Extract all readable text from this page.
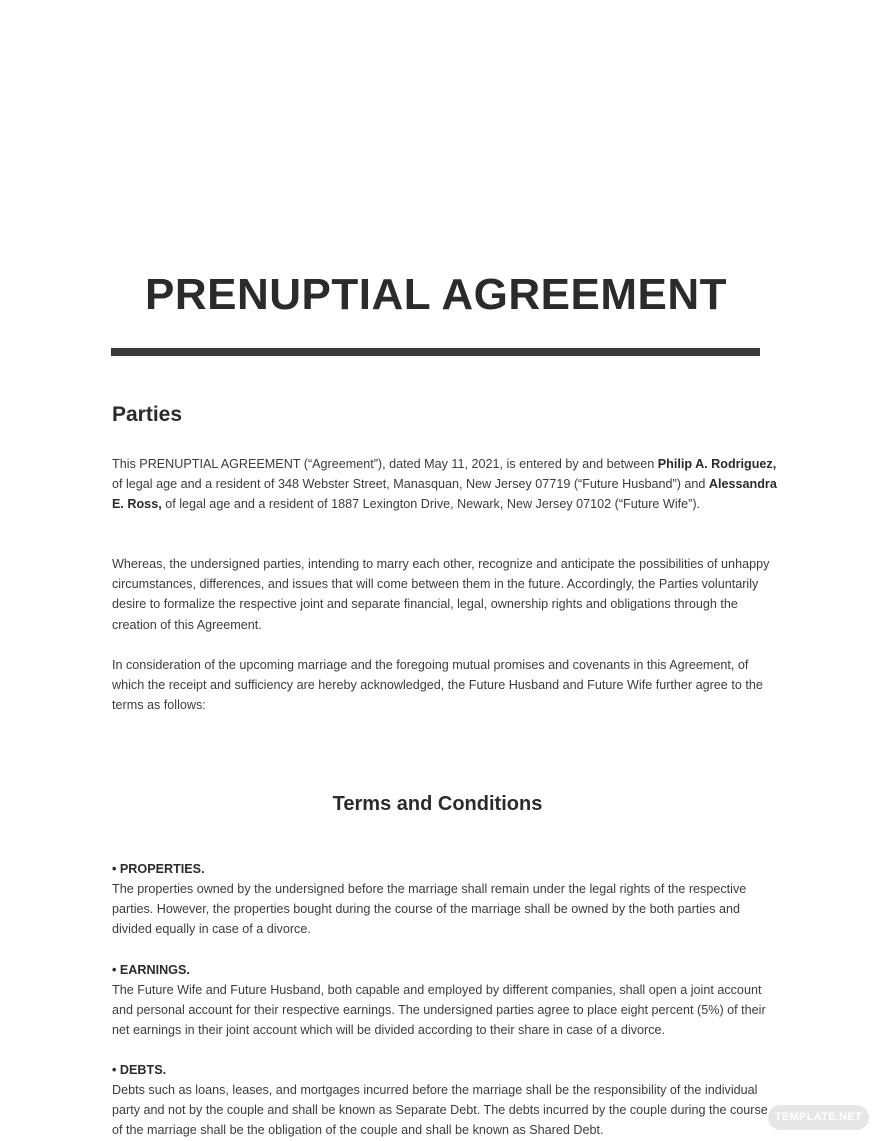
PRENUPTIAL AGREEMENT
Parties

This PRENUPTIAL AGREEMENT (“Agreement”), dated May 11, 2021, is entered by and between Philip A. Rodriguez, of legal age and a resident of 348 Webster Street, Manasquan, New Jersey 07719 (“Future Husband”) and Alessandra E. Ross, of legal age and a resident of 1887 Lexington Drive, Newark, New Jersey 07102 (“Future Wife”).

Whereas, the undersigned parties, intending to marry each other, recognize and anticipate the possibilities of unhappy circumstances, differences, and issues that will come between them in the future. Accordingly, the Parties voluntarily desire to formalize the respective joint and separate financial, legal, ownership rights and obligations through the creation of this Agreement.

In consideration of the upcoming marriage and the foregoing mutual promises and covenants in this Agreement, of which the receipt and sufficiency are hereby acknowledged, the Future Husband and Future Wife further agree to the terms as follows:

Terms and Conditions
• PROPERTIES.

The properties owned by the undersigned before the marriage shall remain under the legal rights of the respective parties. However, the properties bought during the course of the marriage shall be owned by the both parties and divided equally in case of a divorce.

• EARNINGS.

The Future Wife and Future Husband, both capable and employed by different companies, shall open a joint account and personal account for their respective earnings. The undersigned parties agree to place eight percent (5%) of their net earnings in their joint account which will be divided according to their share in case of a divorce.

• DEBTS.

Debts such as loans, leases, and mortgages incurred before the marriage shall be the responsibility of the individual party and not by the couple and shall be known as Separate Debt. The debts incurred by the couple during the course of the marriage shall be the obligation of the couple and shall be known as Shared Debt.

TEMPLATE.NET
